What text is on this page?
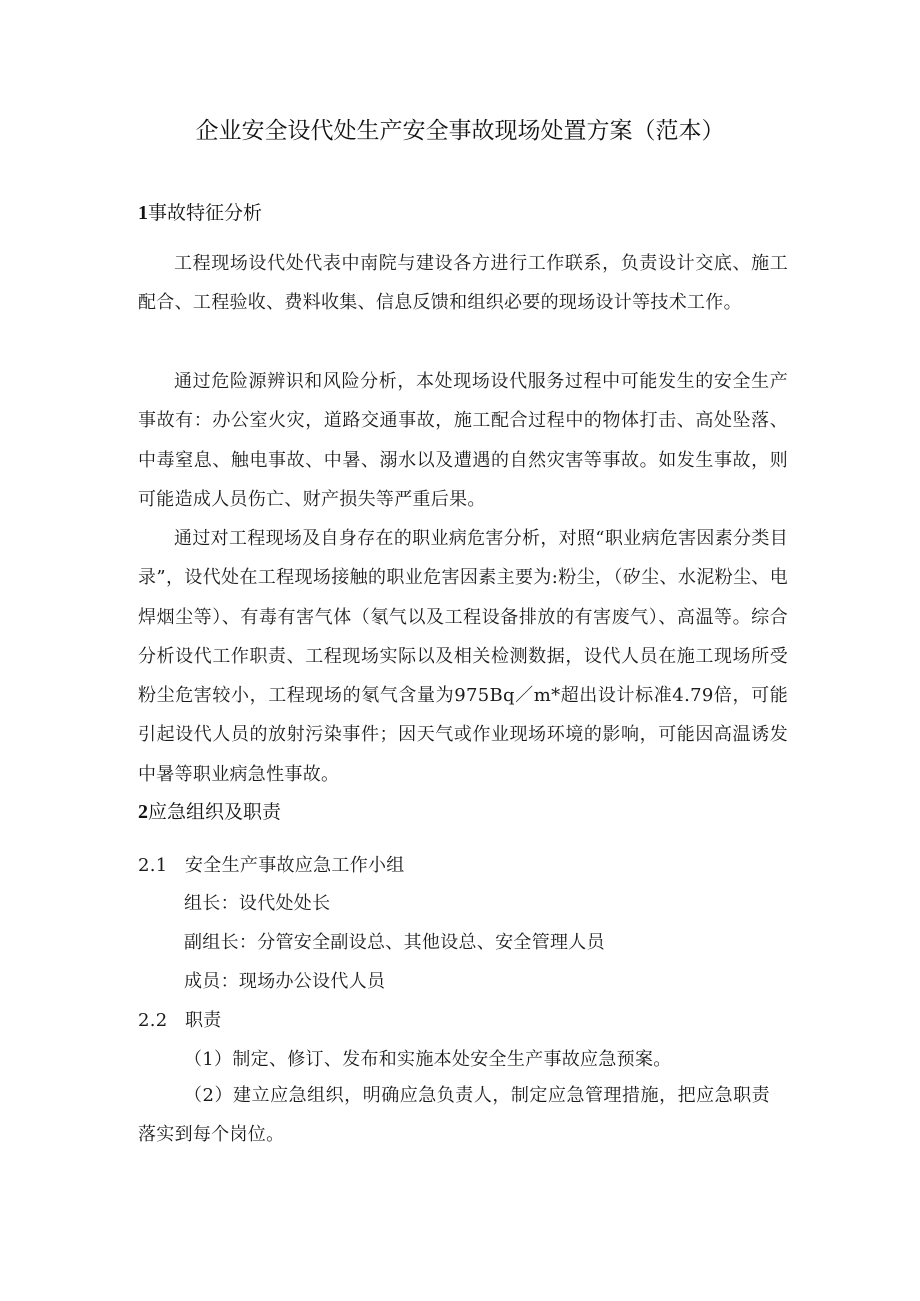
企业安全设代处生产安全事故现场处置方案（范本）
1事故特征分析
工程现场设代处代表中南院与建设各方进行工作联系，负责设计交底、施工配合、工程验收、费料收集、信息反馈和组织必要的现场设计等技术工作。
通过危险源辨识和风险分析，本处现场设代服务过程中可能发生的安全生产事故有：办公室火灾，道路交通事故，施工配合过程中的物体打击、高处坠落、中毒窒息、触电事故、中暑、溺水以及遭遇的自然灾害等事故。如发生事故，则可能造成人员伤亡、财产损失等严重后果。
通过对工程现场及自身存在的职业病危害分析，对照“职业病危害因素分类目录”，设代处在工程现场接触的职业危害因素主要为:粉尘，（矽尘、水泥粉尘、电焊烟尘等）、有毒有害气体（氡气以及工程设备排放的有害废气）、高温等。综合分析设代工作职责、工程现场实际以及相关检测数据，设代人员在施工现场所受粉尘危害较小，工程现场的氡气含量为975Bq／m*超出设计标准4.79倍，可能引起设代人员的放射污染事件；因天气或作业现场环境的影响，可能因高温诱发中暑等职业病急性事故。
2应急组织及职责
2.1 安全生产事故应急工作小组
组长：设代处处长
副组长：分管安全副设总、其他设总、安全管理人员
成员：现场办公设代人员
2.2 职责
（1）制定、修订、发布和实施本处安全生产事故应急预案。
（2）建立应急组织，明确应急负责人，制定应急管理措施，把应急职责落实到每个岗位。
